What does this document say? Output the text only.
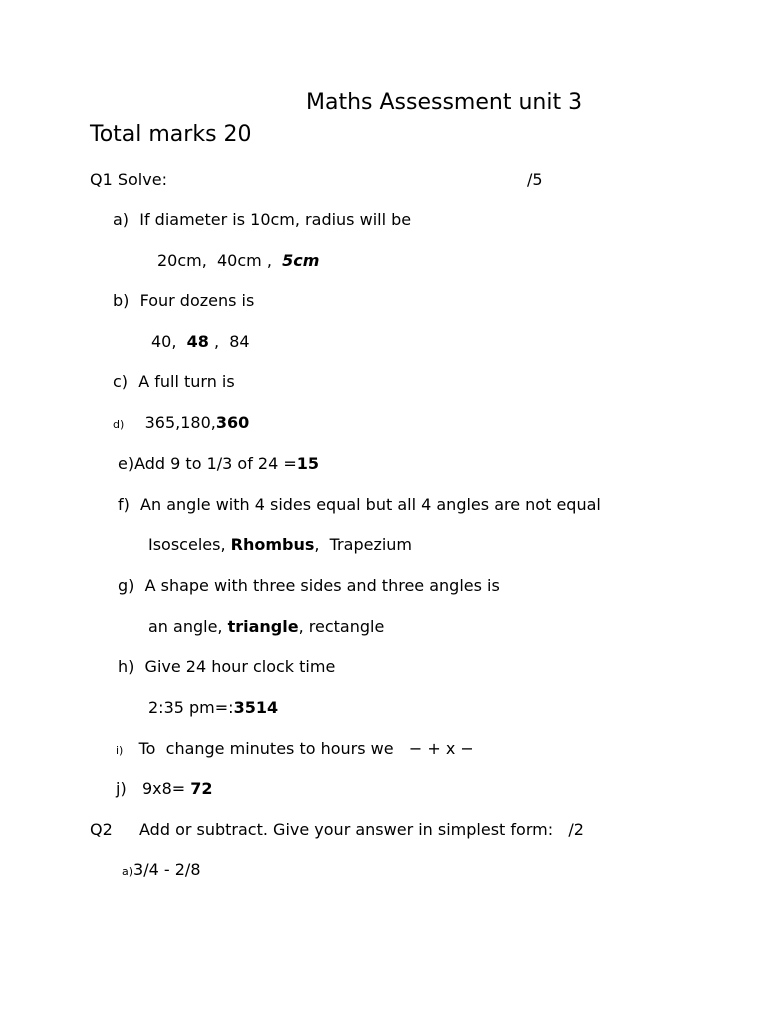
Maths Assessment unit 3
Total marks 20
Q1 Solve:	/5
a)  If diameter is 10cm, radius will be
20cm,  40cm ,  5cm
b)  Four dozens is
40,  48 ,  84
c)  A full turn is
d) 365,180,360
e)Add 9 to 1/3 of 24 =15
f)  An angle with 4 sides equal but all 4 angles are not equal
Isosceles, Rhombus,  Trapezium
g)  A shape with three sides and three angles is
an angle, triangle, rectangle
h)  Give 24 hour clock time
2:35 pm=:3514
i) To  change minutes to hours we   − + x −
j)   9x8= 72
Q2 Add or subtract. Give your answer in simplest form:   /2
a)3/4 - 2/8
